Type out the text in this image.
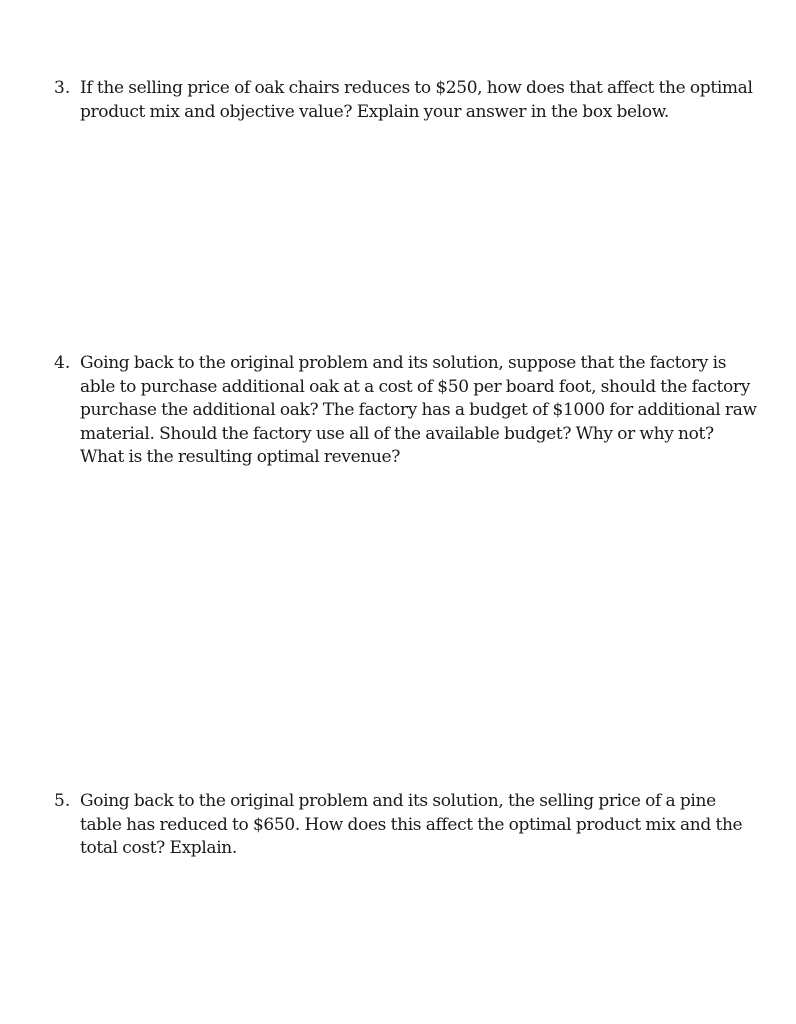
3. If the selling price of oak chairs reduces to $250, how does that affect the optimal product mix and objective value? Explain your answer in the box below.
4. Going back to the original problem and its solution, suppose that the factory is able to purchase additional oak at a cost of $50 per board foot, should the factory purchase the additional oak? The factory has a budget of $1000 for additional raw material. Should the factory use all of the available budget? Why or why not? What is the resulting optimal revenue?
5. Going back to the original problem and its solution, the selling price of a pine table has reduced to $650. How does this affect the optimal product mix and the total cost? Explain.
